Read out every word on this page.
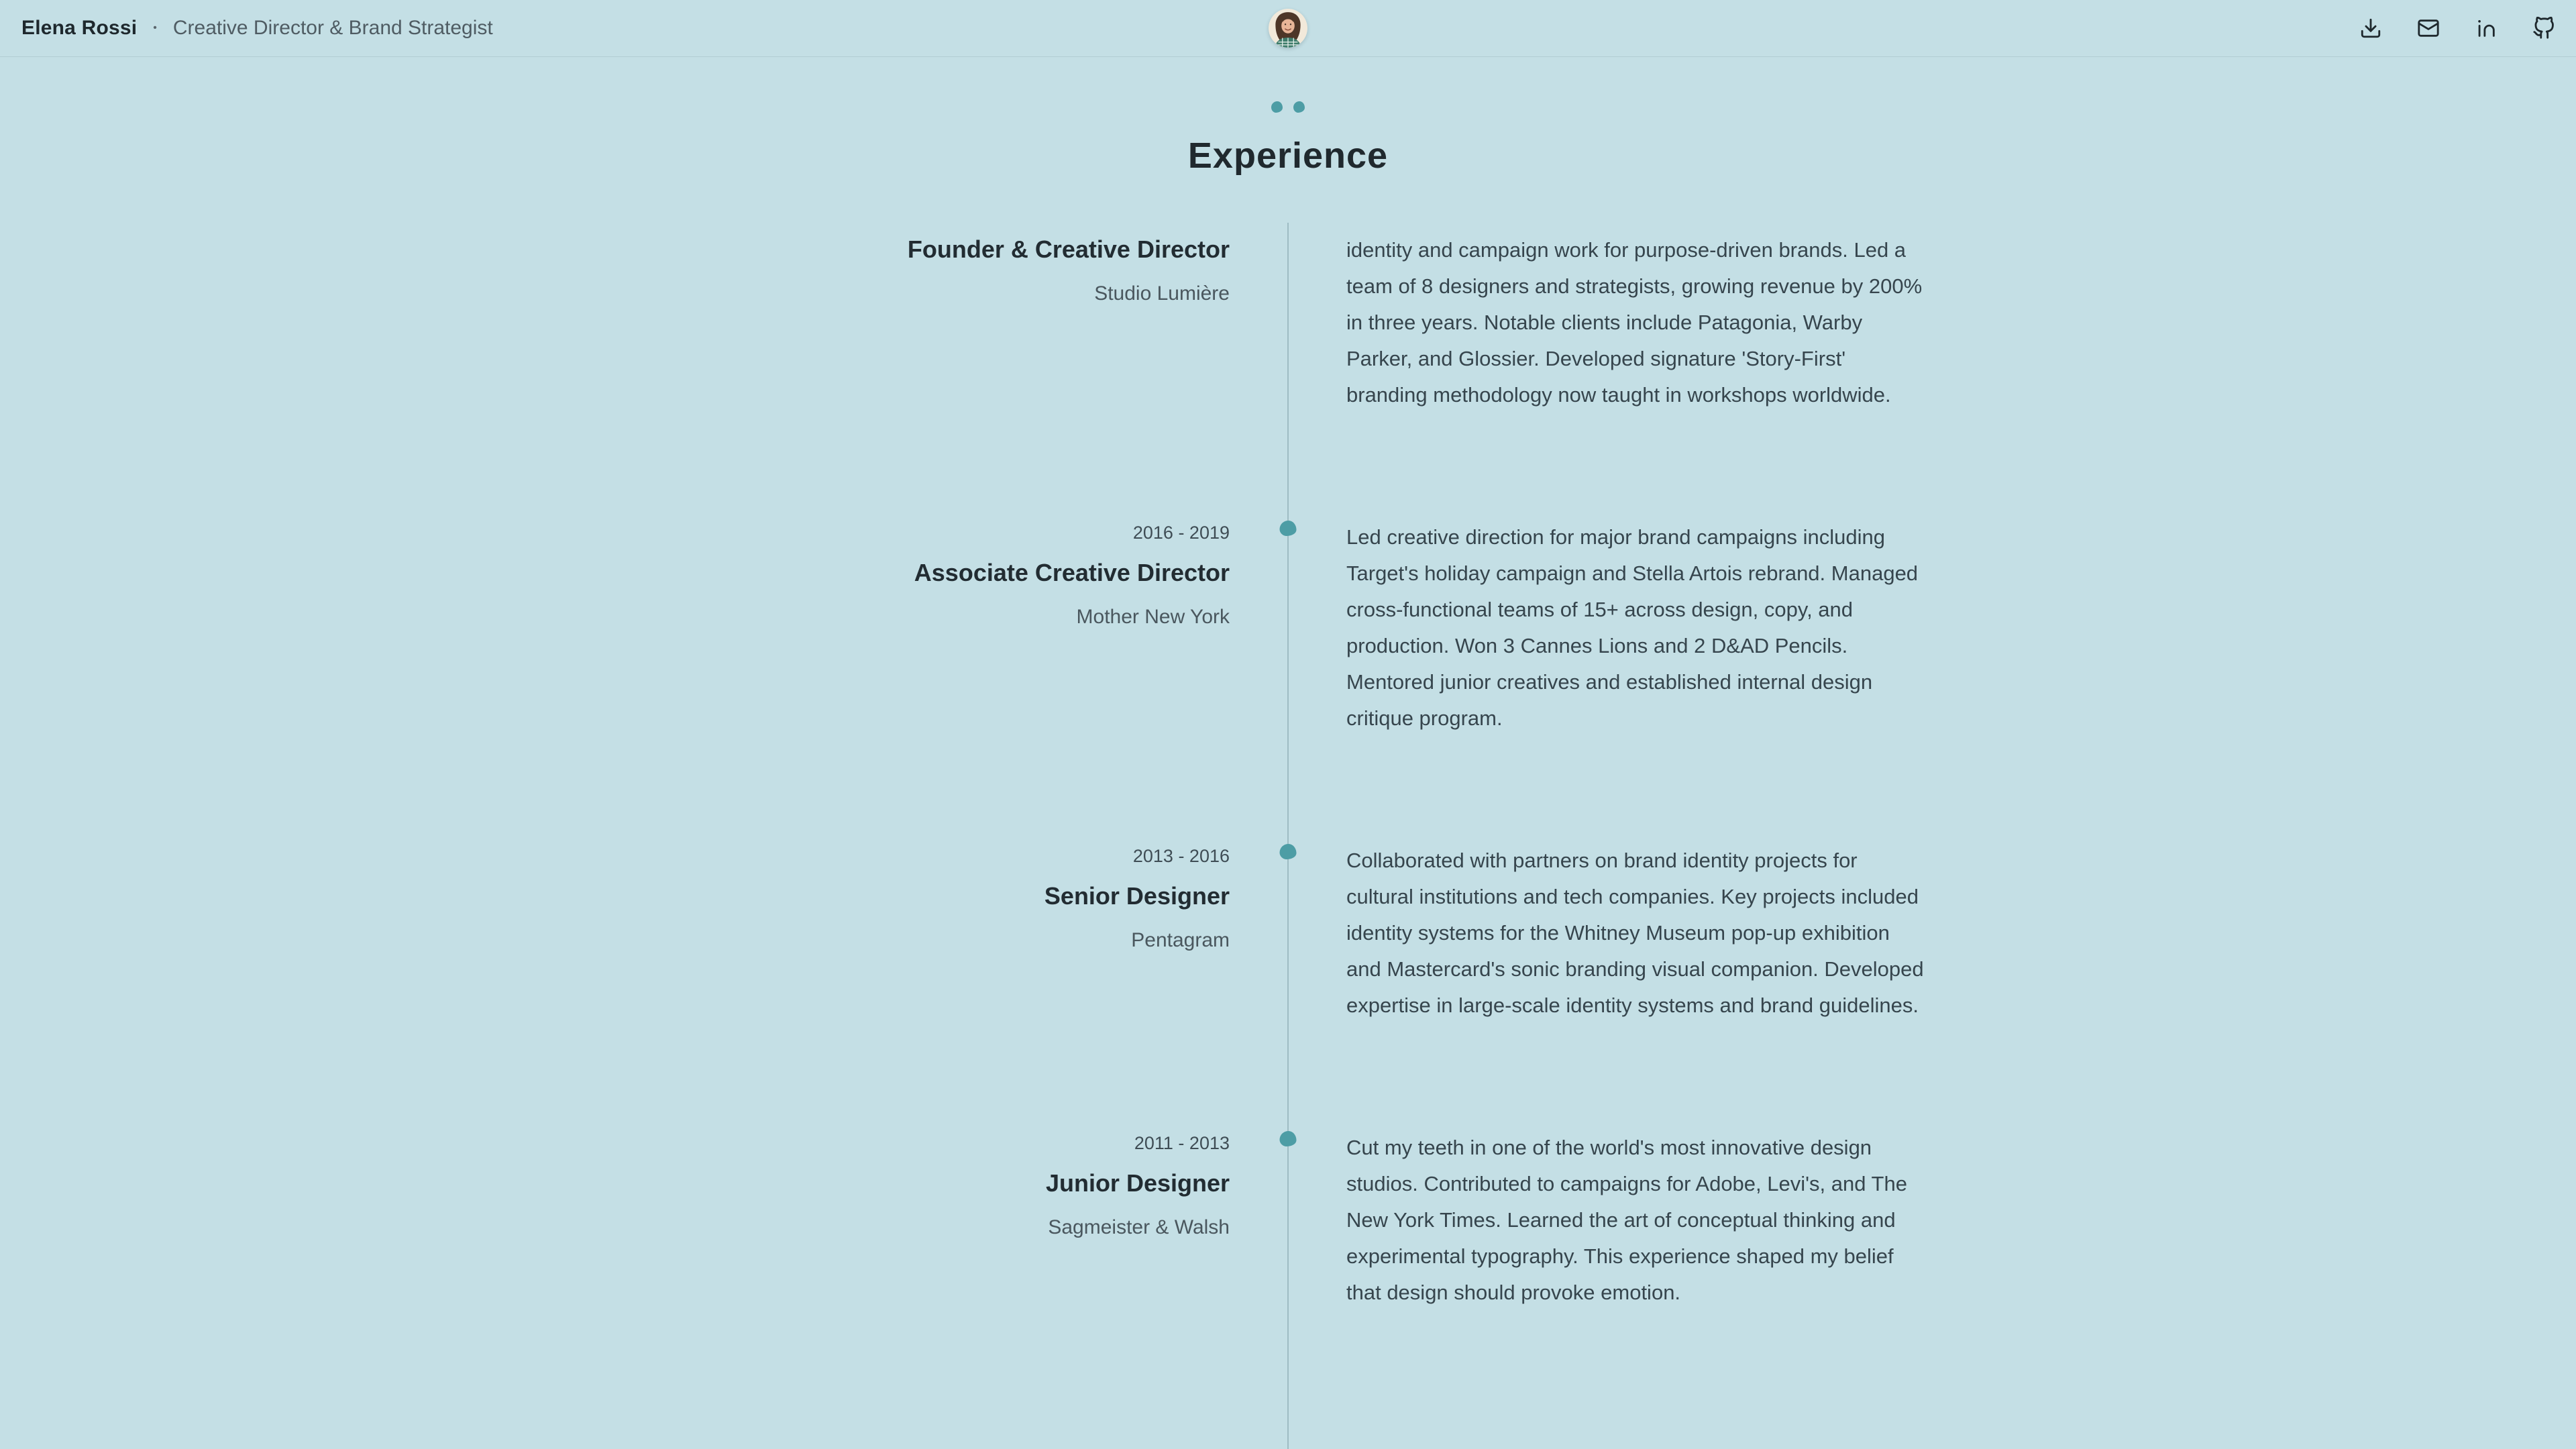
Elena Rossi • Creative Director & Brand Strategist
Experience
Founder & Creative Director
Studio Lumière

identity and campaign work for purpose-driven brands. Led a team of 8 designers and strategists, growing revenue by 200% in three years. Notable clients include Patagonia, Warby Parker, and Glossier. Developed signature 'Story-First' branding methodology now taught in workshops worldwide.

2016 - 2019
Associate Creative Director
Mother New York

Led creative direction for major brand campaigns including Target's holiday campaign and Stella Artois rebrand. Managed cross-functional teams of 15+ across design, copy, and production. Won 3 Cannes Lions and 2 D&AD Pencils. Mentored junior creatives and established internal design critique program.

2013 - 2016
Senior Designer
Pentagram

Collaborated with partners on brand identity projects for cultural institutions and tech companies. Key projects included identity systems for the Whitney Museum pop-up exhibition and Mastercard's sonic branding visual companion. Developed expertise in large-scale identity systems and brand guidelines.

2011 - 2013
Junior Designer
Sagmeister & Walsh

Cut my teeth in one of the world's most innovative design studios. Contributed to campaigns for Adobe, Levi's, and The New York Times. Learned the art of conceptual thinking and experimental typography. This experience shaped my belief that design should provoke emotion.
